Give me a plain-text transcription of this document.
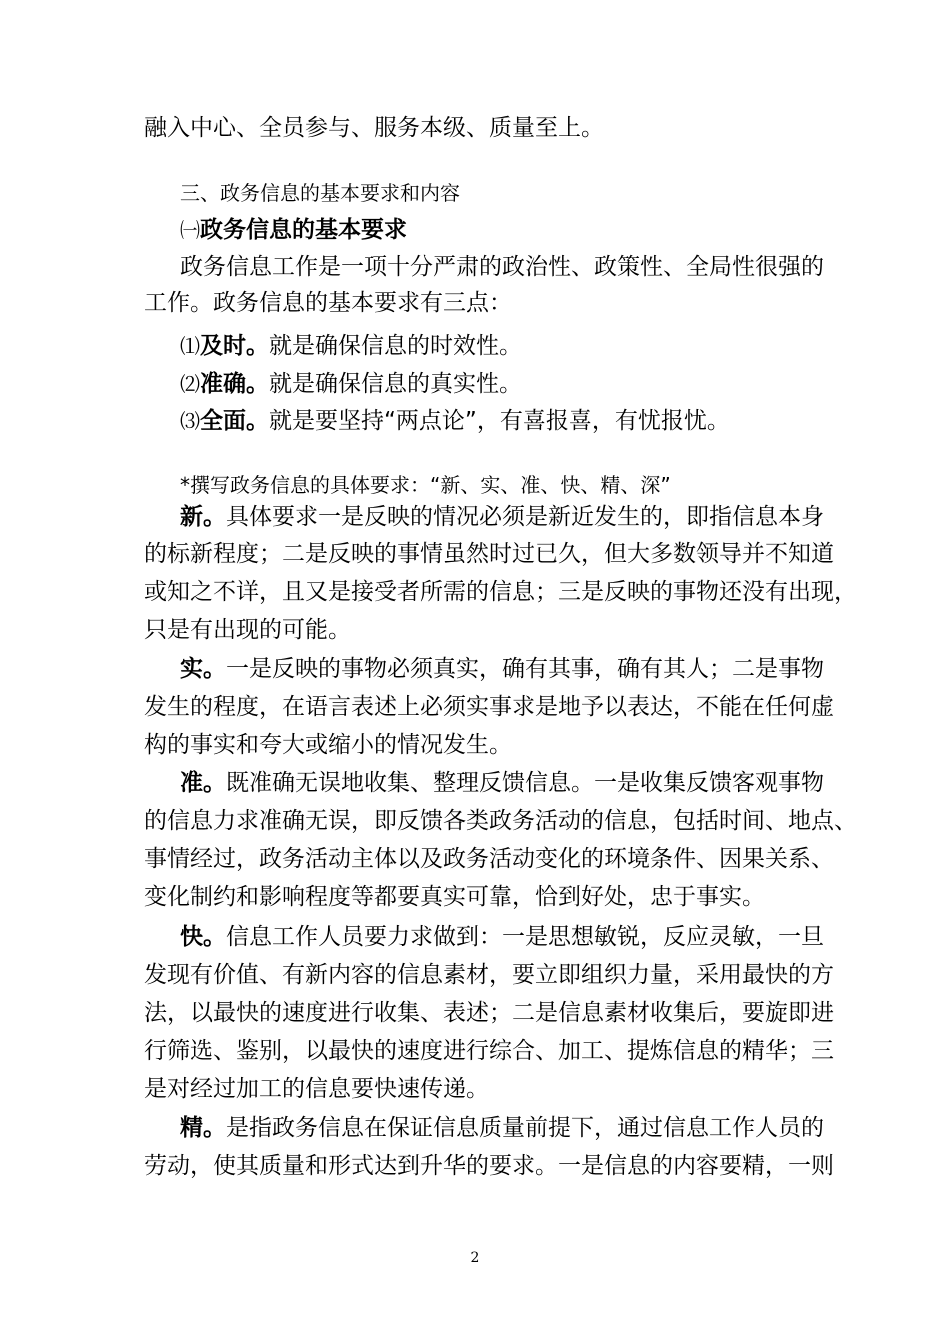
融入中心、全员参与、服务本级、质量至上。
三、政务信息的基本要求和内容
㈠政务信息的基本要求
政务信息工作是一项十分严肃的政治性、政策性、全局性很强的
工作。政务信息的基本要求有三点：
⑴及时。就是确保信息的时效性。
⑵准确。就是确保信息的真实性。
⑶全面。就是要坚持“两点论”，有喜报喜，有忧报忧。
*撰写政务信息的具体要求：“新、实、准、快、精、深”
新。具体要求一是反映的情况必须是新近发生的，即指信息本身
的标新程度；二是反映的事情虽然时过已久，但大多数领导并不知道
或知之不详，且又是接受者所需的信息；三是反映的事物还没有出现，
只是有出现的可能。
实。一是反映的事物必须真实，确有其事，确有其人；二是事物
发生的程度，在语言表述上必须实事求是地予以表达，不能在任何虚
构的事实和夸大或缩小的情况发生。
准。既准确无误地收集、整理反馈信息。一是收集反馈客观事物
的信息力求准确无误，即反馈各类政务活动的信息，包括时间、地点、
事情经过，政务活动主体以及政务活动变化的环境条件、因果关系、
变化制约和影响程度等都要真实可靠，恰到好处，忠于事实。
快。信息工作人员要力求做到：一是思想敏锐，反应灵敏，一旦
发现有价值、有新内容的信息素材，要立即组织力量，采用最快的方
法，以最快的速度进行收集、表述；二是信息素材收集后，要旋即进
行筛选、鉴别，以最快的速度进行综合、加工、提炼信息的精华；三
是对经过加工的信息要快速传递。
精。是指政务信息在保证信息质量前提下，通过信息工作人员的
劳动，使其质量和形式达到升华的要求。一是信息的内容要精，一则
2
